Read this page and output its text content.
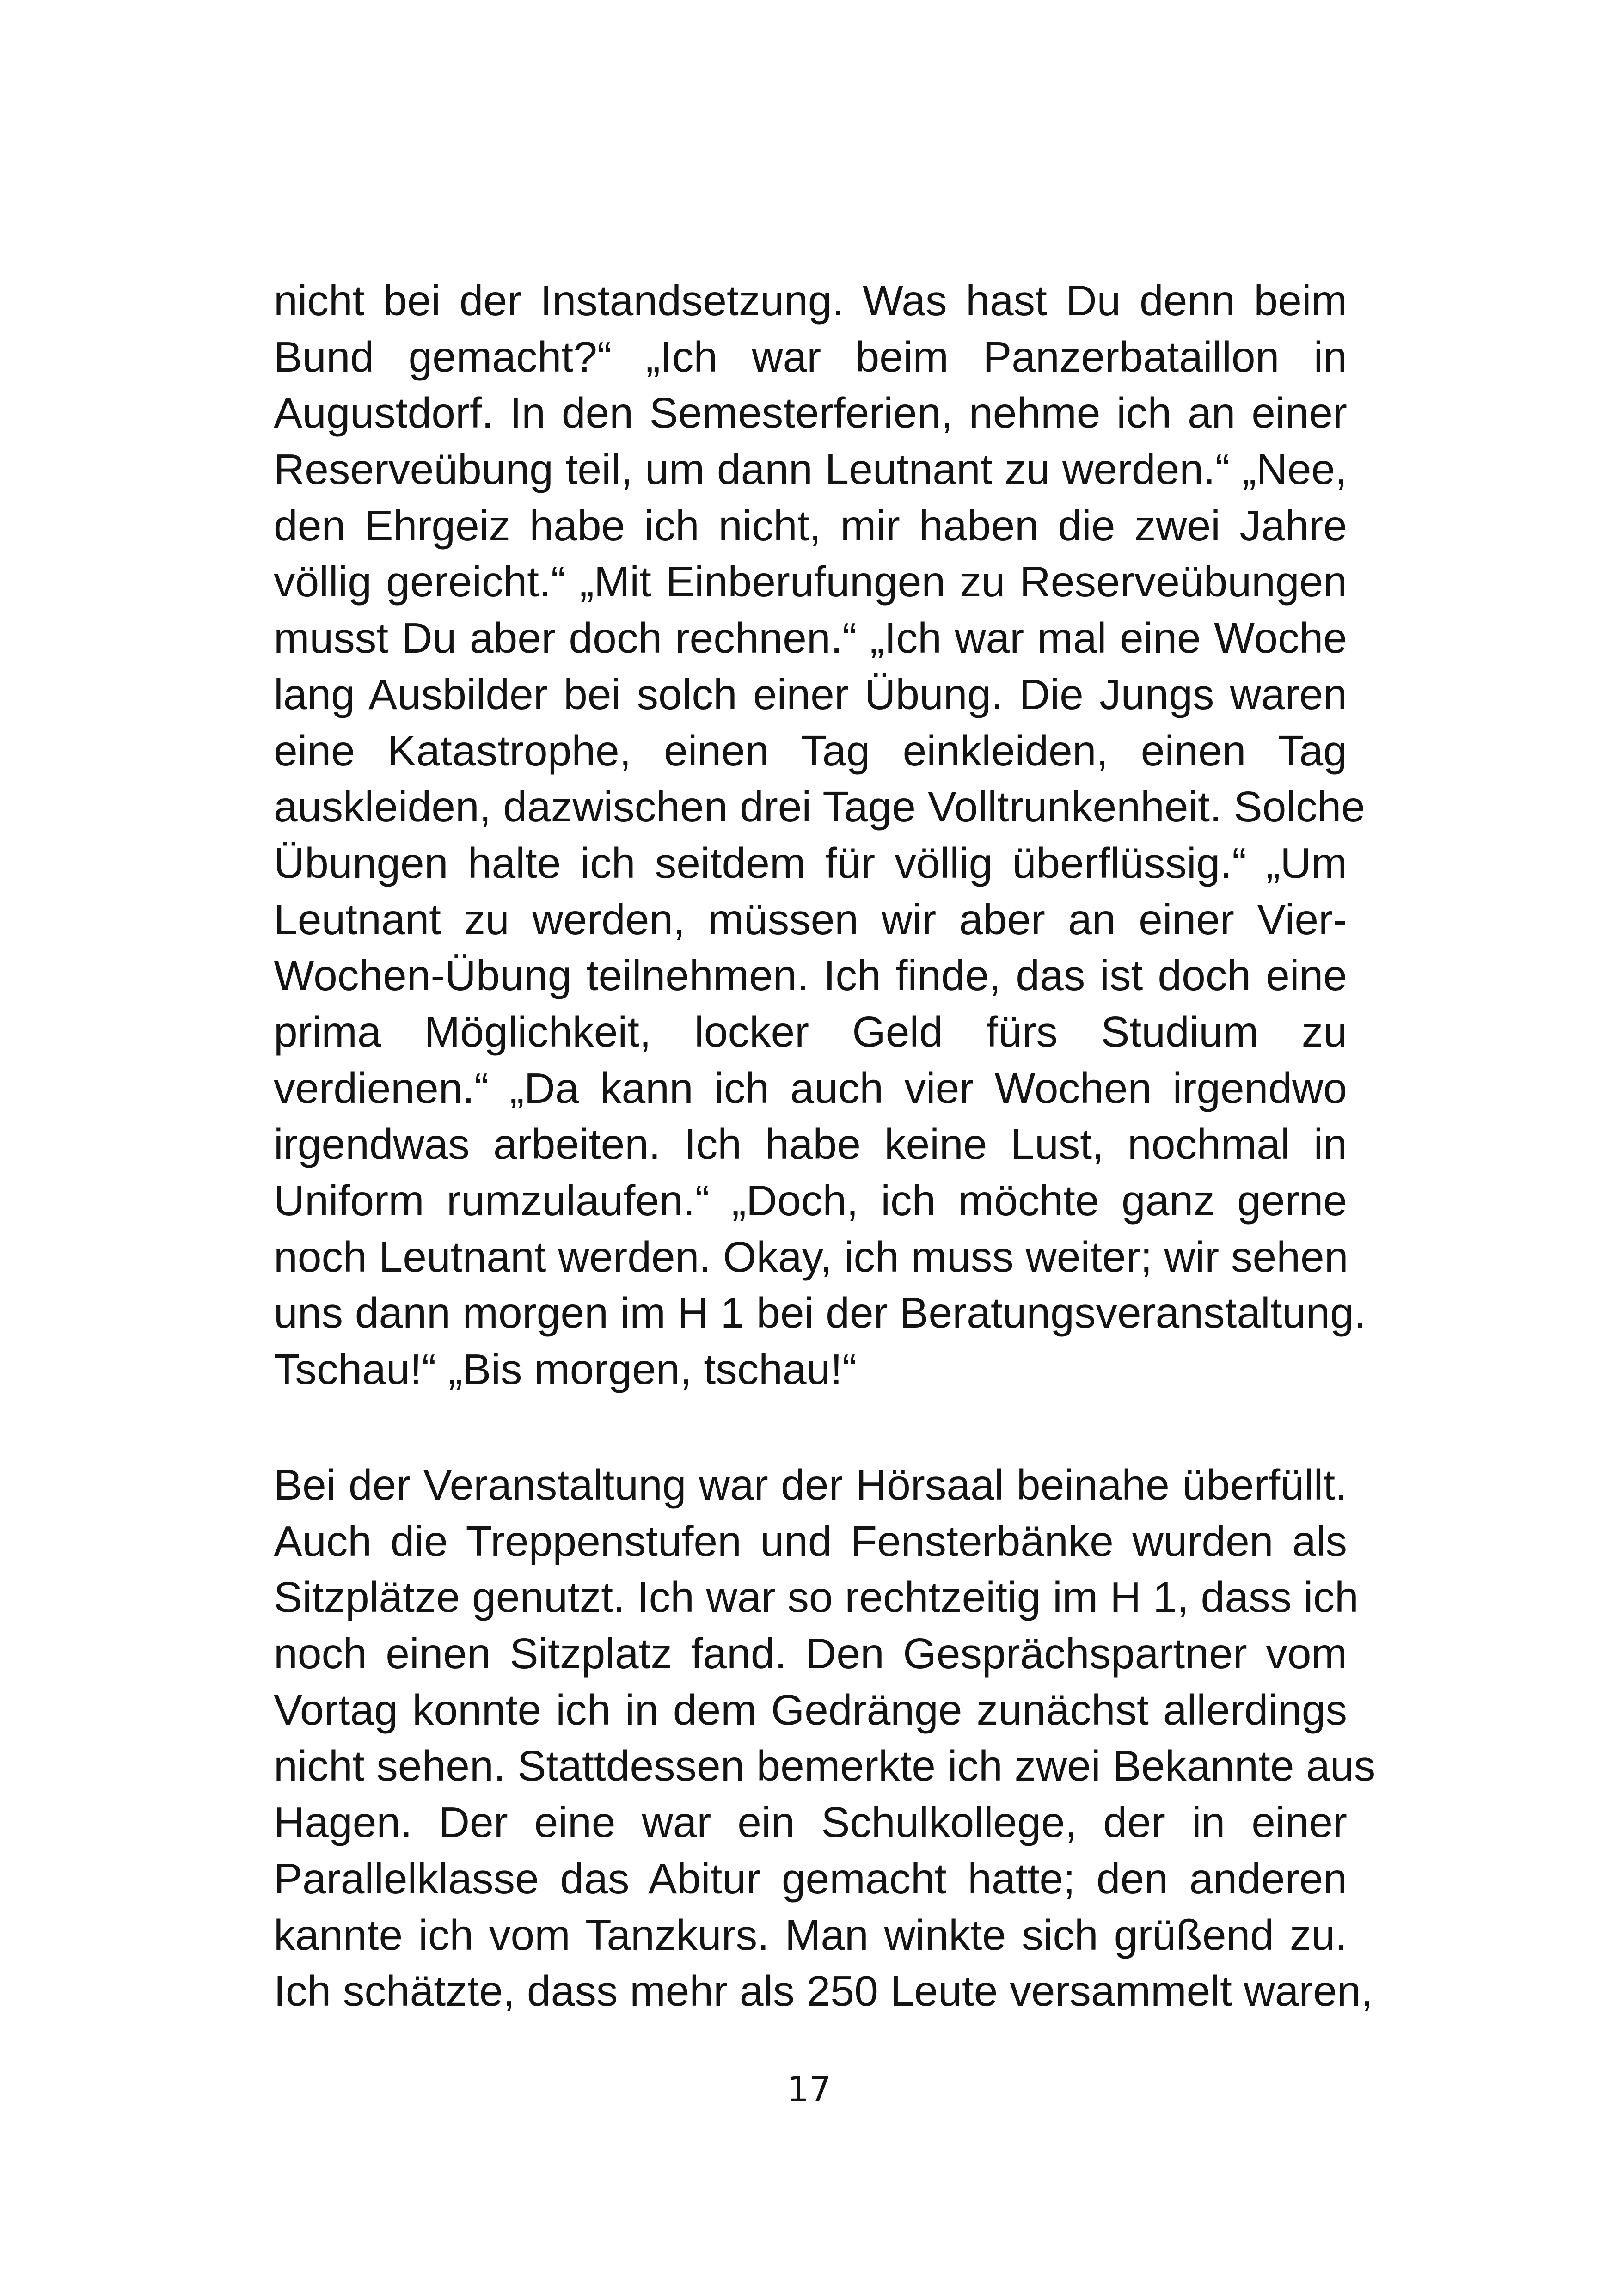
nicht bei der Instandsetzung. Was hast Du denn beim
Bund gemacht?“ „Ich war beim Panzerbataillon in
Augustdorf. In den Semesterferien, nehme ich an einer
Reserveübung teil, um dann Leutnant zu werden.“ „Nee,
den Ehrgeiz habe ich nicht, mir haben die zwei Jahre
völlig gereicht.“ „Mit Einberufungen zu Reserveübungen
musst Du aber doch rechnen.“ „Ich war mal eine Woche
lang Ausbilder bei solch einer Übung. Die Jungs waren
eine Katastrophe, einen Tag einkleiden, einen Tag
auskleiden, dazwischen drei Tage Volltrunkenheit. Solche
Übungen halte ich seitdem für völlig überflüssig.“ „Um
Leutnant zu werden, müssen wir aber an einer Vier-
Wochen-Übung teilnehmen. Ich finde, das ist doch eine
prima Möglichkeit, locker Geld fürs Studium zu
verdienen.“ „Da kann ich auch vier Wochen irgendwo
irgendwas arbeiten. Ich habe keine Lust, nochmal in
Uniform rumzulaufen.“ „Doch, ich möchte ganz gerne
noch Leutnant werden. Okay, ich muss weiter; wir sehen
uns dann morgen im H 1 bei der Beratungsveranstaltung.
Tschau!“ „Bis morgen, tschau!“
Bei der Veranstaltung war der Hörsaal beinahe überfüllt.
Auch die Treppenstufen und Fensterbänke wurden als
Sitzplätze genutzt. Ich war so rechtzeitig im H 1, dass ich
noch einen Sitzplatz fand. Den Gesprächspartner vom
Vortag konnte ich in dem Gedränge zunächst allerdings
nicht sehen. Stattdessen bemerkte ich zwei Bekannte aus
Hagen. Der eine war ein Schulkollege, der in einer
Parallelklasse das Abitur gemacht hatte; den anderen
kannte ich vom Tanzkurs. Man winkte sich grüßend zu.
Ich schätzte, dass mehr als 250 Leute versammelt waren,
17
